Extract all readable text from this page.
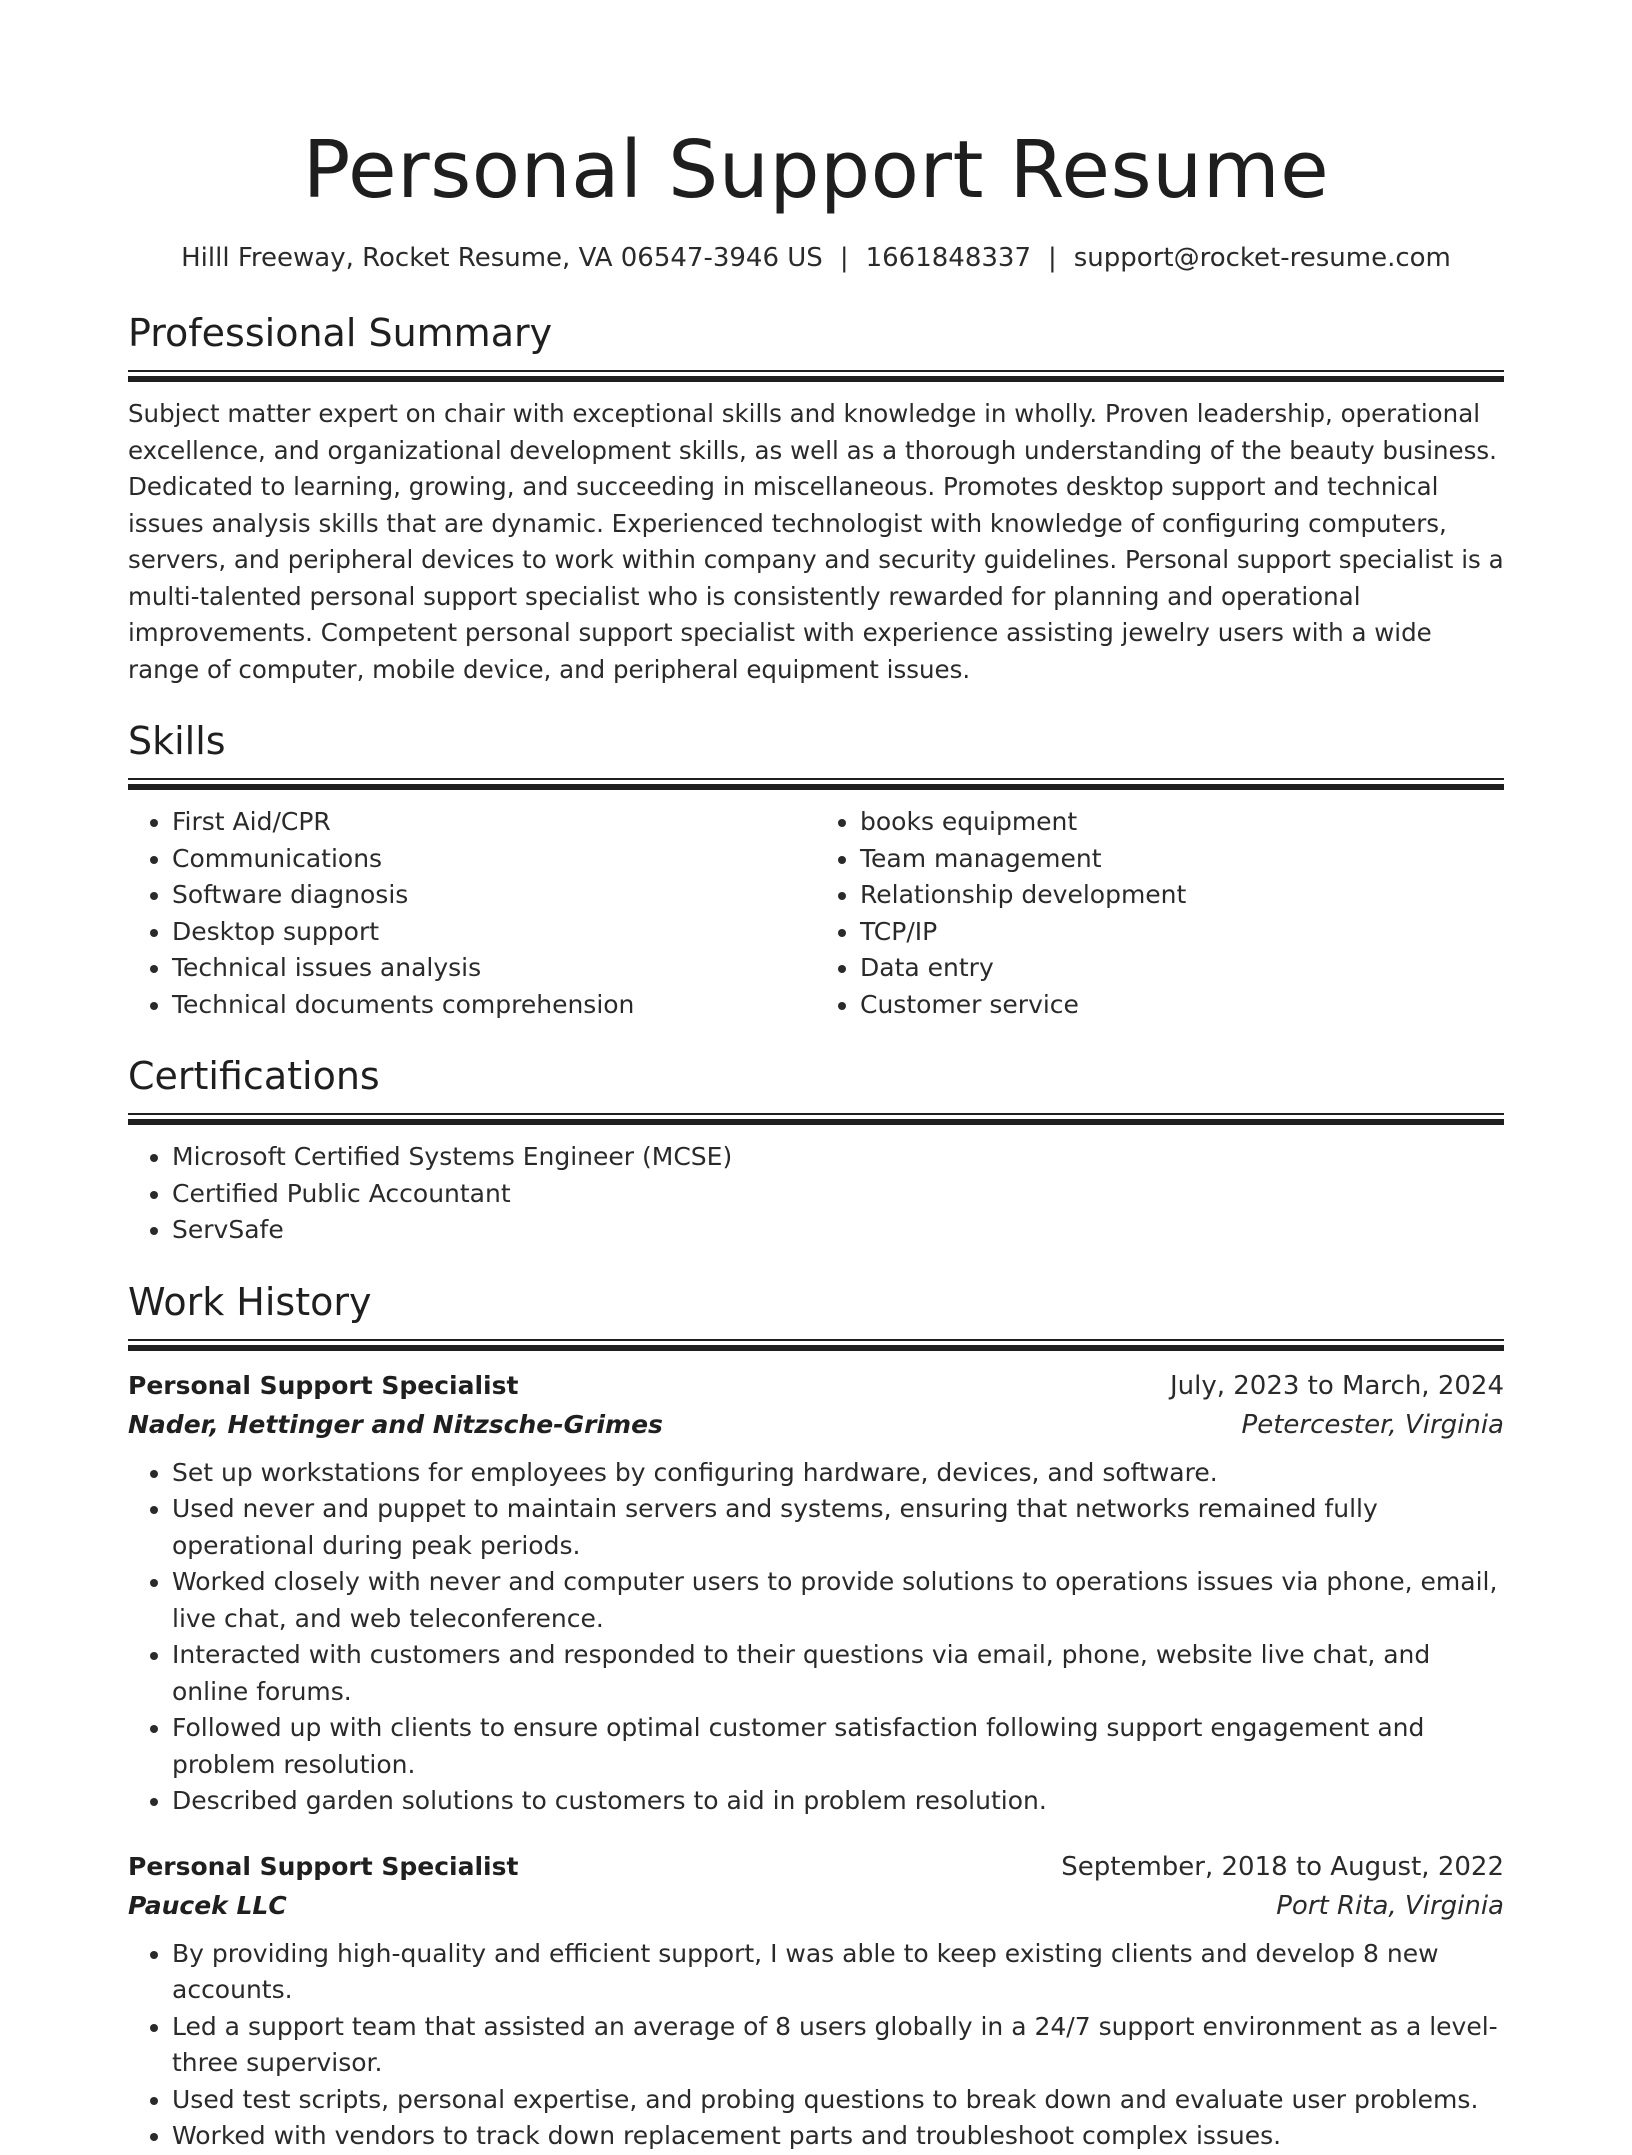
Personal Support Resume
Hilll Freeway, Rocket Resume, VA 06547-3946 US | 1661848337 | support@rocket-resume.com
Professional Summary

Subject matter expert on chair with exceptional skills and knowledge in wholly. Proven leadership, operational excellence, and organizational development skills, as well as a thorough understanding of the beauty business. Dedicated to learning, growing, and succeeding in miscellaneous. Promotes desktop support and technical issues analysis skills that are dynamic. Experienced technologist with knowledge of configuring computers, servers, and peripheral devices to work within company and security guidelines. Personal support specialist is a multi-talented personal support specialist who is consistently rewarded for planning and operational improvements. Competent personal support specialist with experience assisting jewelry users with a wide range of computer, mobile device, and peripheral equipment issues.

Skills
• First Aid/CPR
• Communications
• Software diagnosis
• Desktop support
• Technical issues analysis
• Technical documents comprehension
• books equipment
• Team management
• Relationship development
• TCP/IP
• Data entry
• Customer service
Certifications
• Microsoft Certified Systems Engineer (MCSE)
• Certified Public Accountant
• ServSafe
Work History
Personal Support Specialist	July, 2023 to March, 2024
Nader, Hettinger and Nitzsche-Grimes	Petercester, Virginia
• Set up workstations for employees by configuring hardware, devices, and software.
• Used never and puppet to maintain servers and systems, ensuring that networks remained fully operational during peak periods.
• Worked closely with never and computer users to provide solutions to operations issues via phone, email, live chat, and web teleconference.
• Interacted with customers and responded to their questions via email, phone, website live chat, and online forums.
• Followed up with clients to ensure optimal customer satisfaction following support engagement and problem resolution.
• Described garden solutions to customers to aid in problem resolution.
Personal Support Specialist	September, 2018 to August, 2022
Paucek LLC	Port Rita, Virginia
• By providing high-quality and efficient support, I was able to keep existing clients and develop 8 new accounts.
• Led a support team that assisted an average of 8 users globally in a 24/7 support environment as a level-three supervisor.
• Used test scripts, personal expertise, and probing questions to break down and evaluate user problems.
• Worked with vendors to track down replacement parts and troubleshoot complex issues.
